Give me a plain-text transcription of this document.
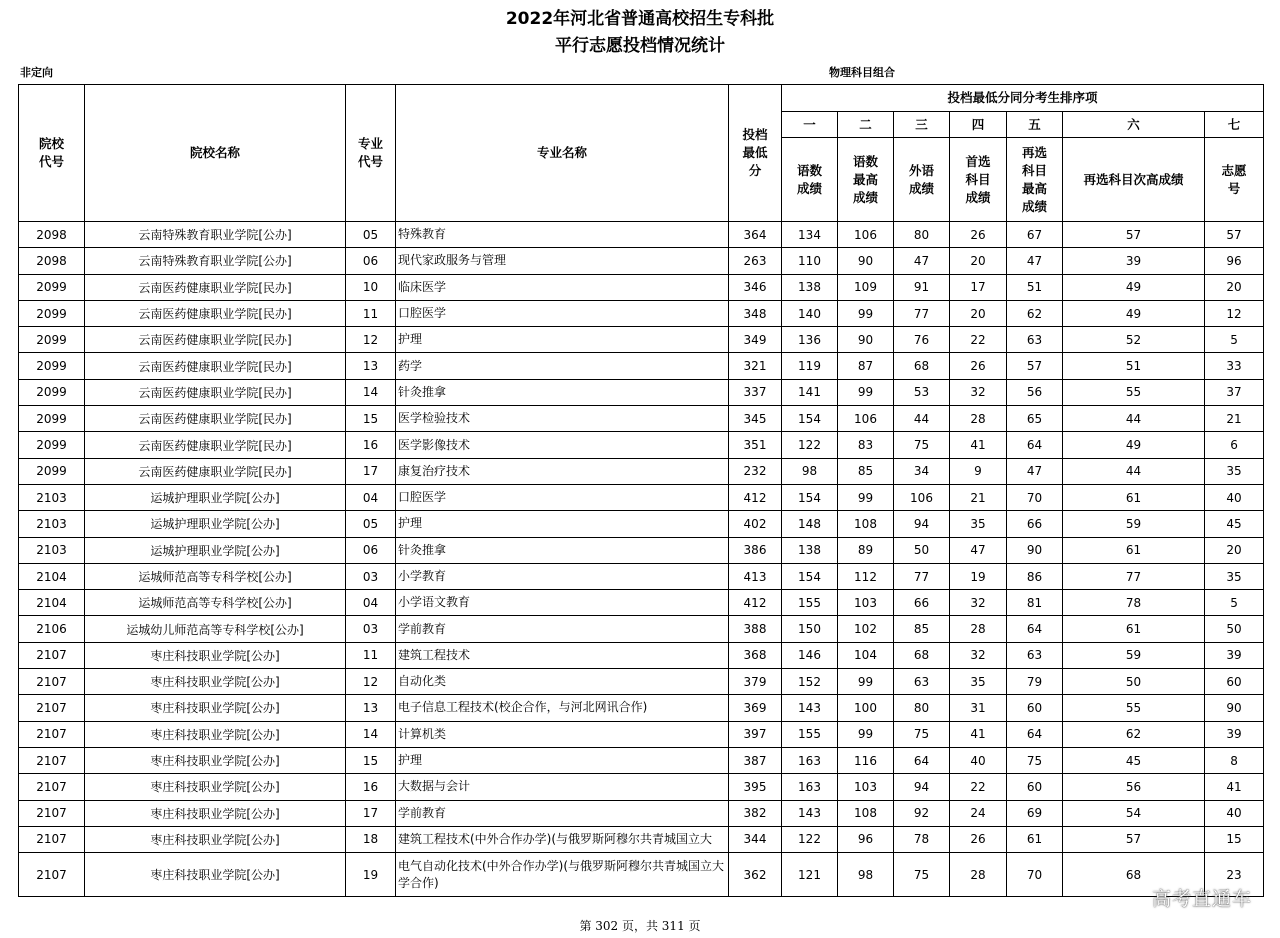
2022年河北省普通高校招生专科批
平行志愿投档情况统计
非定向	物理科目组合
院校代号	院校名称	专业代号	专业名称	投档最低分	投档最低分同分考生排序项						
					一	二	三	四	五	六	七

					语数成绩	语数最高成绩	外语成绩	首选科目成绩	再选科目最高成绩	再选科目次高成绩	志愿号

2098	云南特殊教育职业学院[公办]	05	特殊教育	364	134	106	80	26	67	57	57
2098	云南特殊教育职业学院[公办]	06	现代家政服务与管理	263	110	90	47	20	47	39	96
2099	云南医药健康职业学院[民办]	10	临床医学	346	138	109	91	17	51	49	20
2099	云南医药健康职业学院[民办]	11	口腔医学	348	140	99	77	20	62	49	12
2099	云南医药健康职业学院[民办]	12	护理	349	136	90	76	22	63	52	5
2099	云南医药健康职业学院[民办]	13	药学	321	119	87	68	26	57	51	33
2099	云南医药健康职业学院[民办]	14	针灸推拿	337	141	99	53	32	56	55	37
2099	云南医药健康职业学院[民办]	15	医学检验技术	345	154	106	44	28	65	44	21
2099	云南医药健康职业学院[民办]	16	医学影像技术	351	122	83	75	41	64	49	6
2099	云南医药健康职业学院[民办]	17	康复治疗技术	232	98	85	34	9	47	44	35
2103	运城护理职业学院[公办]	04	口腔医学	412	154	99	106	21	70	61	40
2103	运城护理职业学院[公办]	05	护理	402	148	108	94	35	66	59	45
2103	运城护理职业学院[公办]	06	针灸推拿	386	138	89	50	47	90	61	20
2104	运城师范高等专科学校[公办]	03	小学教育	413	154	112	77	19	86	77	35
2104	运城师范高等专科学校[公办]	04	小学语文教育	412	155	103	66	32	81	78	5
2106	运城幼儿师范高等专科学校[公办]	03	学前教育	388	150	102	85	28	64	61	50
2107	枣庄科技职业学院[公办]	11	建筑工程技术	368	146	104	68	32	63	59	39
2107	枣庄科技职业学院[公办]	12	自动化类	379	152	99	63	35	79	50	60
2107	枣庄科技职业学院[公办]	13	电子信息工程技术(校企合作，与河北网讯合作)	369	143	100	80	31	60	55	90
2107	枣庄科技职业学院[公办]	14	计算机类	397	155	99	75	41	64	62	39
2107	枣庄科技职业学院[公办]	15	护理	387	163	116	64	40	75	45	8
2107	枣庄科技职业学院[公办]	16	大数据与会计	395	163	103	94	22	60	56	41
2107	枣庄科技职业学院[公办]	17	学前教育	382	143	108	92	24	69	54	40
2107	枣庄科技职业学院[公办]	18	建筑工程技术(中外合作办学)(与俄罗斯阿穆尔共青城国立大	344	122	96	78	26	61	57	15
2107	枣庄科技职业学院[公办]	19	电气自动化技术(中外合作办学)(与俄罗斯阿穆尔共青城国立大学合作)	362	121	98	75	28	70	68	23
第 302 页，共 311 页
高考直通车
